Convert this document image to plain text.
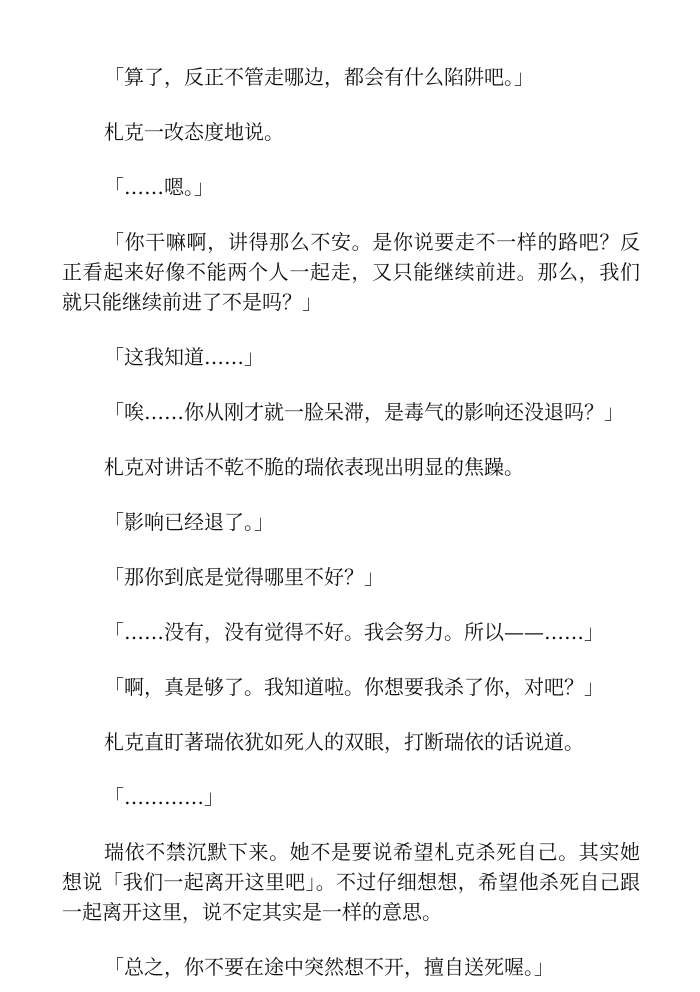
「算了，反正不管走哪边，都会有什么陷阱吧。」

札克一改态度地说。

「……嗯。」

「你干嘛啊，讲得那么不安。是你说要走不一样的路吧？反正看起来好像不能两个人一起走，又只能继续前进。那么，我们就只能继续前进了不是吗？」

「这我知道……」

「唉……你从刚才就一脸呆滞，是毒气的影响还没退吗？」

札克对讲话不乾不脆的瑞依表现出明显的焦躁。

「影响已经退了。」

「那你到底是觉得哪里不好？」

「……没有，没有觉得不好。我会努力。所以——……」

「啊，真是够了。我知道啦。你想要我杀了你，对吧？」

札克直盯著瑞依犹如死人的双眼，打断瑞依的话说道。

「…………」

瑞依不禁沉默下来。她不是要说希望札克杀死自己。其实她想说「我们一起离开这里吧」。不过仔细想想，希望他杀死自己跟一起离开这里，说不定其实是一样的意思。

「总之，你不要在途中突然想不开，擅自送死喔。」
